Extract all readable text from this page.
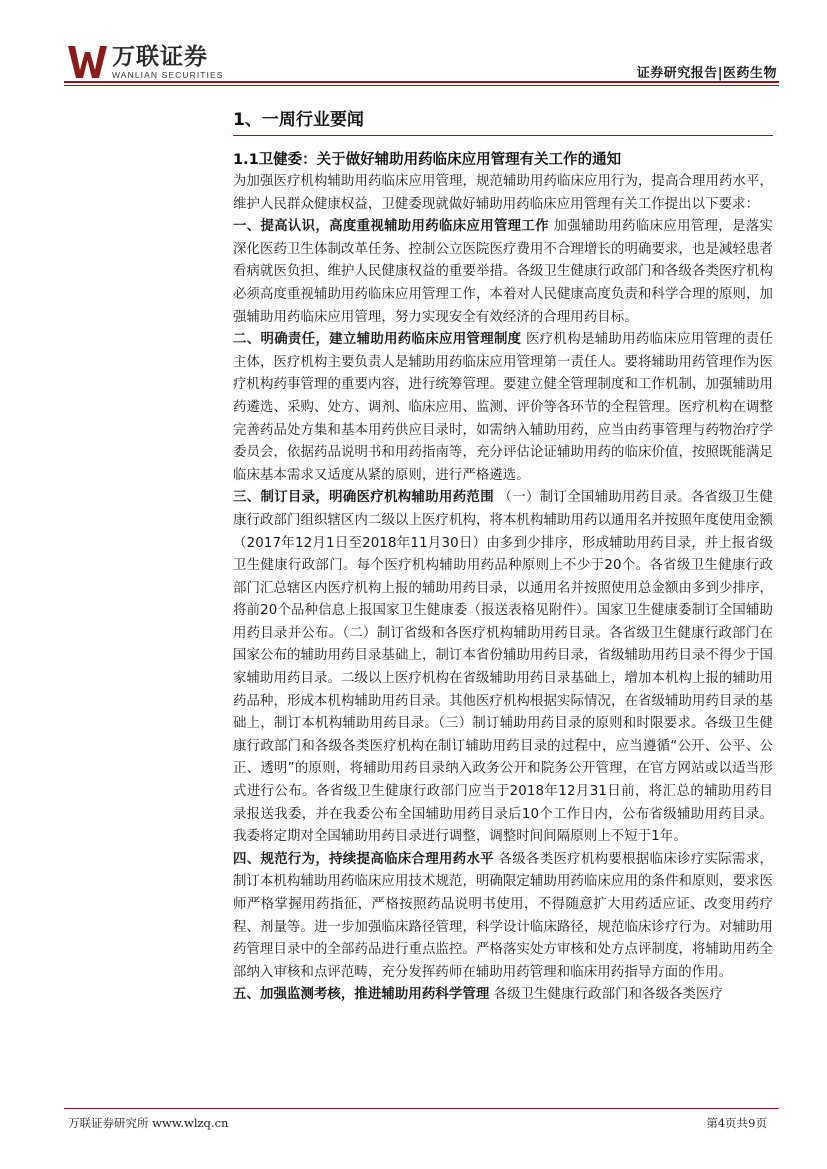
万联证券
WANLIAN SECURITIES	证券研究报告|医药生物
1、一周行业要闻
1.1卫健委：关于做好辅助用药临床应用管理有关工作的通知

为加强医疗机构辅助用药临床应用管理，规范辅助用药临床应用行为，提高合理用药水平，维护人民群众健康权益，卫健委现就做好辅助用药临床应用管理有关工作提出以下要求：

一、提高认识，高度重视辅助用药临床应用管理工作 加强辅助用药临床应用管理，是落实深化医药卫生体制改革任务、控制公立医院医疗费用不合理增长的明确要求，也是减轻患者看病就医负担、维护人民健康权益的重要举措。各级卫生健康行政部门和各级各类医疗机构必须高度重视辅助用药临床应用管理工作，本着对人民健康高度负责和科学合理的原则，加强辅助用药临床应用管理，努力实现安全有效经济的合理用药目标。

二、明确责任，建立辅助用药临床应用管理制度 医疗机构是辅助用药临床应用管理的责任主体，医疗机构主要负责人是辅助用药临床应用管理第一责任人。要将辅助用药管理作为医疗机构药事管理的重要内容，进行统筹管理。要建立健全管理制度和工作机制，加强辅助用药遴选、采购、处方、调剂、临床应用、监测、评价等各环节的全程管理。医疗机构在调整完善药品处方集和基本用药供应目录时，如需纳入辅助用药，应当由药事管理与药物治疗学委员会，依据药品说明书和用药指南等，充分评估论证辅助用药的临床价值，按照既能满足临床基本需求又适度从紧的原则，进行严格遴选。

三、制订目录，明确医疗机构辅助用药范围 （一）制订全国辅助用药目录。各省级卫生健康行政部门组织辖区内二级以上医疗机构，将本机构辅助用药以通用名并按照年度使用金额（2017年12月1日至2018年11月30日）由多到少排序，形成辅助用药目录，并上报省级卫生健康行政部门。每个医疗机构辅助用药品种原则上不少于20个。各省级卫生健康行政部门汇总辖区内医疗机构上报的辅助用药目录，以通用名并按照使用总金额由多到少排序，将前20个品种信息上报国家卫生健康委（报送表格见附件）。国家卫生健康委制订全国辅助用药目录并公布。（二）制订省级和各医疗机构辅助用药目录。各省级卫生健康行政部门在国家公布的辅助用药目录基础上，制订本省份辅助用药目录，省级辅助用药目录不得少于国家辅助用药目录。二级以上医疗机构在省级辅助用药目录基础上，增加本机构上报的辅助用药品种，形成本机构辅助用药目录。其他医疗机构根据实际情况，在省级辅助用药目录的基础上，制订本机构辅助用药目录。（三）制订辅助用药目录的原则和时限要求。各级卫生健康行政部门和各级各类医疗机构在制订辅助用药目录的过程中，应当遵循“公开、公平、公正、透明”的原则，将辅助用药目录纳入政务公开和院务公开管理，在官方网站或以适当形式进行公布。各省级卫生健康行政部门应当于2018年12月31日前，将汇总的辅助用药目录报送我委，并在我委公布全国辅助用药目录后10个工作日内，公布省级辅助用药目录。我委将定期对全国辅助用药目录进行调整，调整时间间隔原则上不短于1年。

四、规范行为，持续提高临床合理用药水平 各级各类医疗机构要根据临床诊疗实际需求，制订本机构辅助用药临床应用技术规范，明确限定辅助用药临床应用的条件和原则，要求医师严格掌握用药指征，严格按照药品说明书使用，不得随意扩大用药适应证、改变用药疗程、剂量等。进一步加强临床路径管理，科学设计临床路径，规范临床诊疗行为。对辅助用药管理目录中的全部药品进行重点监控。严格落实处方审核和处方点评制度，将辅助用药全部纳入审核和点评范畴，充分发挥药师在辅助用药管理和临床用药指导方面的作用。

五、加强监测考核，推进辅助用药科学管理 各级卫生健康行政部门和各级各类医疗

万联证券研究所 www.wlzq.cn	第4页共9页
